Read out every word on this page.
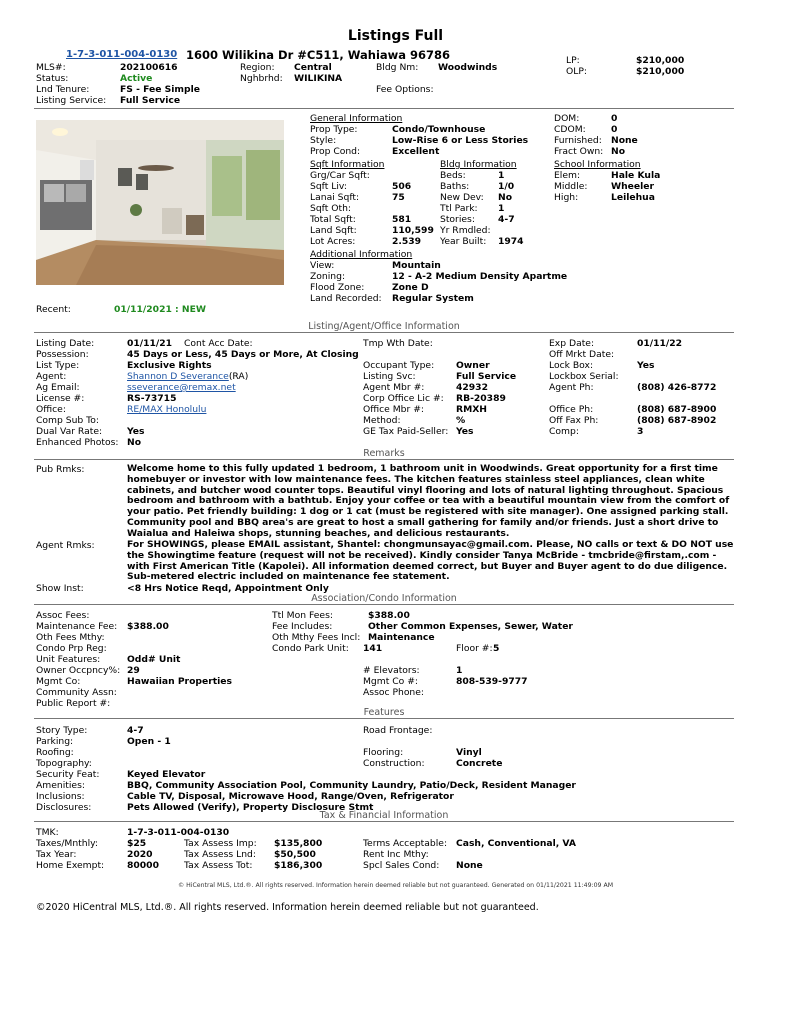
Listings Full
1-7-3-011-004-0130 1600 Wilikina Dr #C511, Wahiawa 96786
MLS#:	202100616
Status:	Active
Lnd Tenure:	FS - Fee Simple
Listing Service: Full Service
Region: Central
Nghbrhd: WILIKINA
Bldg Nm: Woodwinds
Fee Options:
LP:	$210,000
OLP:	$210,000
General Information
Prop Type:	Condo/Townhouse
Style:	Low-Rise 6 or Less Stories
Prop Cond:	Excellent
DOM:	0
CDOM:	0
Furnished: None
Fract Own: No
Sqft Information
Grg/Car Sqft:
Sqft Liv:	506
Lanai Sqft:	75
Sqft Oth:
Total Sqft:	581
Land Sqft:	110,599
Lot Acres:	2.539
Bldg Information
Beds:	1
Baths:	1/0
New Dev: No
Ttl Park: 1
Stories:	4-7
Yr Rmdled:
Year Built: 1974
School Information
Elem:	Hale Kula
Middle:	Wheeler
High:	Leilehua
Additional Information
View:	Mountain
Zoning:	12 - A-2 Medium Density Apartme
Flood Zone:	Zone D
Land Recorded: Regular System
Recent:	01/11/2021 : NEW
Listing/Agent/Office Information
Listing Date:	01/11/21 Cont Acc Date:	Tmp Wth Date:	Exp Date:	01/11/22
Possession:	45 Days or Less, 45 Days or More, At Closing	Off Mrkt Date:
List Type:	Exclusive Rights	Occupant Type: Owner	Lock Box:	Yes
Agent:	Shannon D Severance(RA)	Listing Svc:	Full Service	Lockbox Serial:
Ag Email:	sseverance@remax.net	Agent Mbr #:	42932	Agent Ph:	(808) 426-8772
License #:	RS-73715	Corp Office Lic #: RB-20389
Office:	RE/MAX Honolulu	Office Mbr #:	RMXH	Office Ph:	(808) 687-8900
Comp Sub To:	Method:	%	Off Fax Ph:	(808) 687-8902
Dual Var Rate:	Yes	GE Tax Paid-Seller: Yes	Comp:	3
Enhanced Photos: No
Remarks
Pub Rmks:	Welcome home to this fully updated 1 bedroom, 1 bathroom unit in Woodwinds. Great opportunity for a first time homebuyer or investor with low maintenance fees. The kitchen features stainless steel appliances, clean white cabinets, and butcher wood counter tops. Beautiful vinyl flooring and lots of natural lighting throughout. Spacious bedroom and bathroom with a bathtub. Enjoy your coffee or tea with a beautiful mountain view from the comfort of your patio. Pet friendly building: 1 dog or 1 cat (must be registered with site manager). One assigned parking stall. Community pool and BBQ area's are great to host a small gathering for family and/or friends. Just a short drive to Waialua and Haleiwa shops, stunning beaches, and delicious restaurants.
Agent Rmks:	For SHOWINGS, please EMAIL assistant, Shantel: chongmunsayac@gmail.com. Please, NO calls or text & DO NOT use the Showingtime feature (request will not be received). Kindly consider Tanya McBride - tmcbride@firstam,.com - with First American Title (Kapolei). All information deemed correct, but Buyer and Buyer agent to do due diligence. Sub-metered electric included on maintenance fee statement.
Show Inst:	<8 Hrs Notice Reqd, Appointment Only
Association/Condo Information
Assoc Fees:
Maintenance Fee: $388.00
Oth Fees Mthy:
Condo Prp Reg:
Unit Features:	Odd# Unit
Owner Occpncy%: 29
Mgmt Co:	Hawaiian Properties
Community Assn:
Public Report #:
Ttl Mon Fees:	$388.00
Fee Includes:	Other Common Expenses, Sewer, Water
Oth Mthy Fees Incl: Maintenance
Condo Park Unit: 141	Floor #: 5
# Elevators:	1
Mgmt Co #:	808-539-9777
Assoc Phone:
Features
Story Type:	4-7
Parking:	Open - 1
Roofing:
Topography:
Security Feat:	Keyed Elevator
Amenities:	BBQ, Community Association Pool, Community Laundry, Patio/Deck, Resident Manager
Inclusions:	Cable TV, Disposal, Microwave Hood, Range/Oven, Refrigerator
Disclosures:	Pets Allowed (Verify), Property Disclosure Stmt
Road Frontage:
Flooring:	Vinyl
Construction:	Concrete
Tax & Financial Information
TMK:	1-7-3-011-004-0130
Taxes/Mnthly:	$25
Tax Year:	2020
Home Exempt: 80000
Tax Assess Imp: $135,800
Tax Assess Lnd: $50,500
Tax Assess Tot: $186,300
Terms Acceptable: Cash, Conventional, VA
Rent Inc Mthy:
Spcl Sales Cond: None
© HiCentral MLS, Ltd.®. All rights reserved. Information herein deemed reliable but not guaranteed. Generated on 01/11/2021 11:49:09 AM
©2020 HiCentral MLS, Ltd.®. All rights reserved. Information herein deemed reliable but not guaranteed.
